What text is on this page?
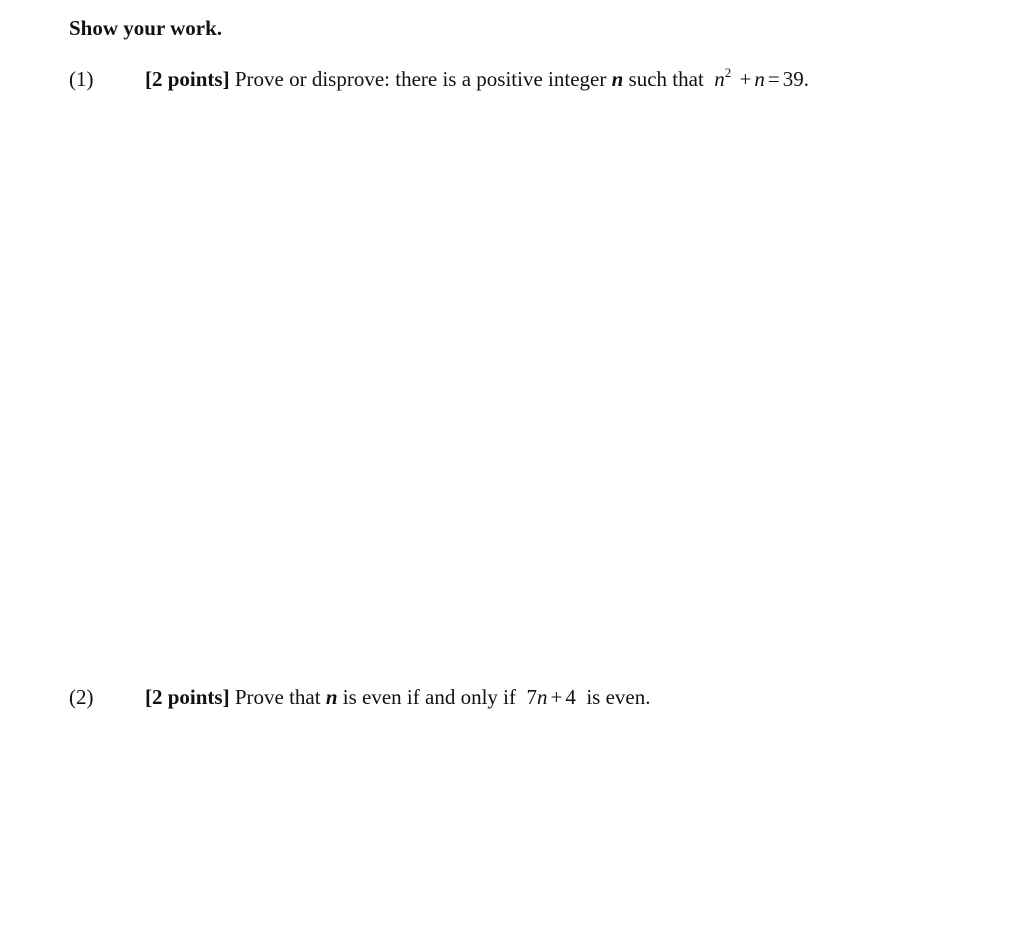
Show your work.
(1) [2 points] Prove or disprove: there is a positive integer n such that $n^2 + n = 39$.
(2) [2 points] Prove that n is even if and only if 7n + 4 is even.
